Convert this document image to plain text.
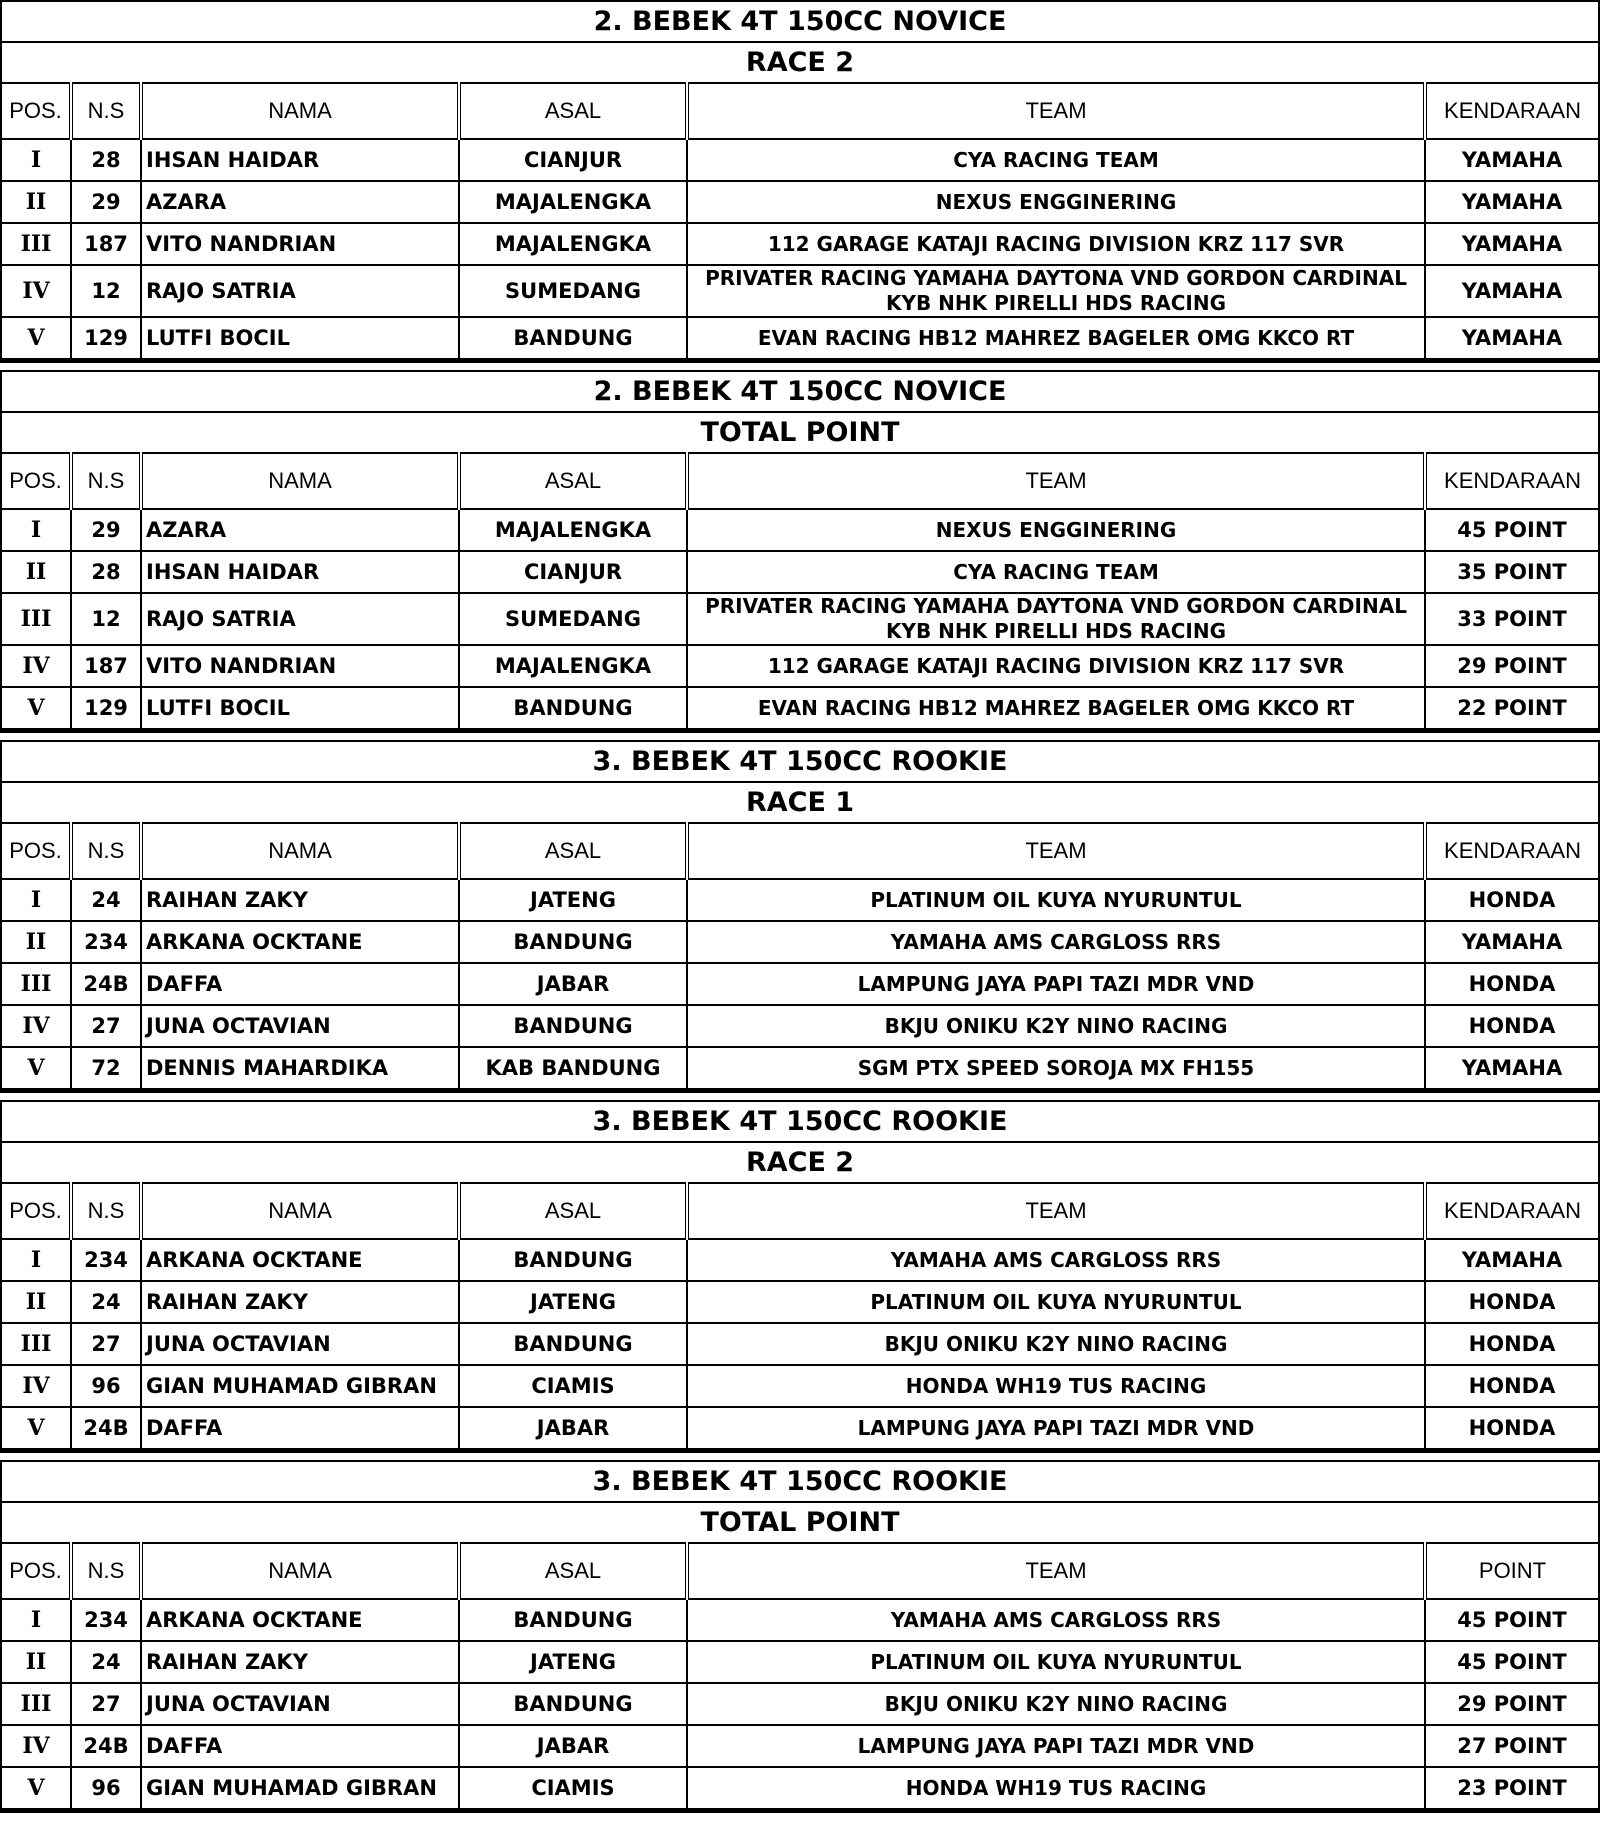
2. BEBEK 4T 150CC NOVICE					
RACE 2					
POS.	N.S	NAMA	ASAL	TEAM	KENDARAAN
I	28	IHSAN HAIDAR	CIANJUR	CYA RACING TEAM	YAMAHA
II	29	AZARA	MAJALENGKA	NEXUS ENGGINERING	YAMAHA
III	187	VITO NANDRIAN	MAJALENGKA	112 GARAGE KATAJI RACING DIVISION KRZ 117 SVR	YAMAHA
IV	12	RAJO SATRIA	SUMEDANG	PRIVATER RACING YAMAHA DAYTONA VND GORDON CARDINAL KYB NHK PIRELLI HDS RACING	YAMAHA
V	129	LUTFI BOCIL	BANDUNG	EVAN RACING HB12 MAHREZ BAGELER OMG KKCO RT	YAMAHA
2. BEBEK 4T 150CC NOVICE					
TOTAL POINT					
POS.	N.S	NAMA	ASAL	TEAM	KENDARAAN
I	29	AZARA	MAJALENGKA	NEXUS ENGGINERING	45 POINT
II	28	IHSAN HAIDAR	CIANJUR	CYA RACING TEAM	35 POINT
III	12	RAJO SATRIA	SUMEDANG	PRIVATER RACING YAMAHA DAYTONA VND GORDON CARDINAL KYB NHK PIRELLI HDS RACING	33 POINT
IV	187	VITO NANDRIAN	MAJALENGKA	112 GARAGE KATAJI RACING DIVISION KRZ 117 SVR	29 POINT
V	129	LUTFI BOCIL	BANDUNG	EVAN RACING HB12 MAHREZ BAGELER OMG KKCO RT	22 POINT
3. BEBEK 4T 150CC ROOKIE					
RACE 1					
POS.	N.S	NAMA	ASAL	TEAM	KENDARAAN
I	24	RAIHAN ZAKY	JATENG	PLATINUM OIL KUYA NYURUNTUL	HONDA
II	234	ARKANA OCKTANE	BANDUNG	YAMAHA AMS CARGLOSS RRS	YAMAHA
III	24B	DAFFA	JABAR	LAMPUNG JAYA PAPI TAZI MDR VND	HONDA
IV	27	JUNA OCTAVIAN	BANDUNG	BKJU ONIKU K2Y NINO RACING	HONDA
V	72	DENNIS MAHARDIKA	KAB BANDUNG	SGM PTX SPEED SOROJA MX FH155	YAMAHA
3. BEBEK 4T 150CC ROOKIE					
RACE 2					
POS.	N.S	NAMA	ASAL	TEAM	KENDARAAN
I	234	ARKANA OCKTANE	BANDUNG	YAMAHA AMS CARGLOSS RRS	YAMAHA
II	24	RAIHAN ZAKY	JATENG	PLATINUM OIL KUYA NYURUNTUL	HONDA
III	27	JUNA OCTAVIAN	BANDUNG	BKJU ONIKU K2Y NINO RACING	HONDA
IV	96	GIAN MUHAMAD GIBRAN	CIAMIS	HONDA WH19 TUS RACING	HONDA
V	24B	DAFFA	JABAR	LAMPUNG JAYA PAPI TAZI MDR VND	HONDA
3. BEBEK 4T 150CC ROOKIE					
TOTAL POINT					
POS.	N.S	NAMA	ASAL	TEAM	POINT
I	234	ARKANA OCKTANE	BANDUNG	YAMAHA AMS CARGLOSS RRS	45 POINT
II	24	RAIHAN ZAKY	JATENG	PLATINUM OIL KUYA NYURUNTUL	45 POINT
III	27	JUNA OCTAVIAN	BANDUNG	BKJU ONIKU K2Y NINO RACING	29 POINT
IV	24B	DAFFA	JABAR	LAMPUNG JAYA PAPI TAZI MDR VND	27 POINT
V	96	GIAN MUHAMAD GIBRAN	CIAMIS	HONDA WH19 TUS RACING	23 POINT
